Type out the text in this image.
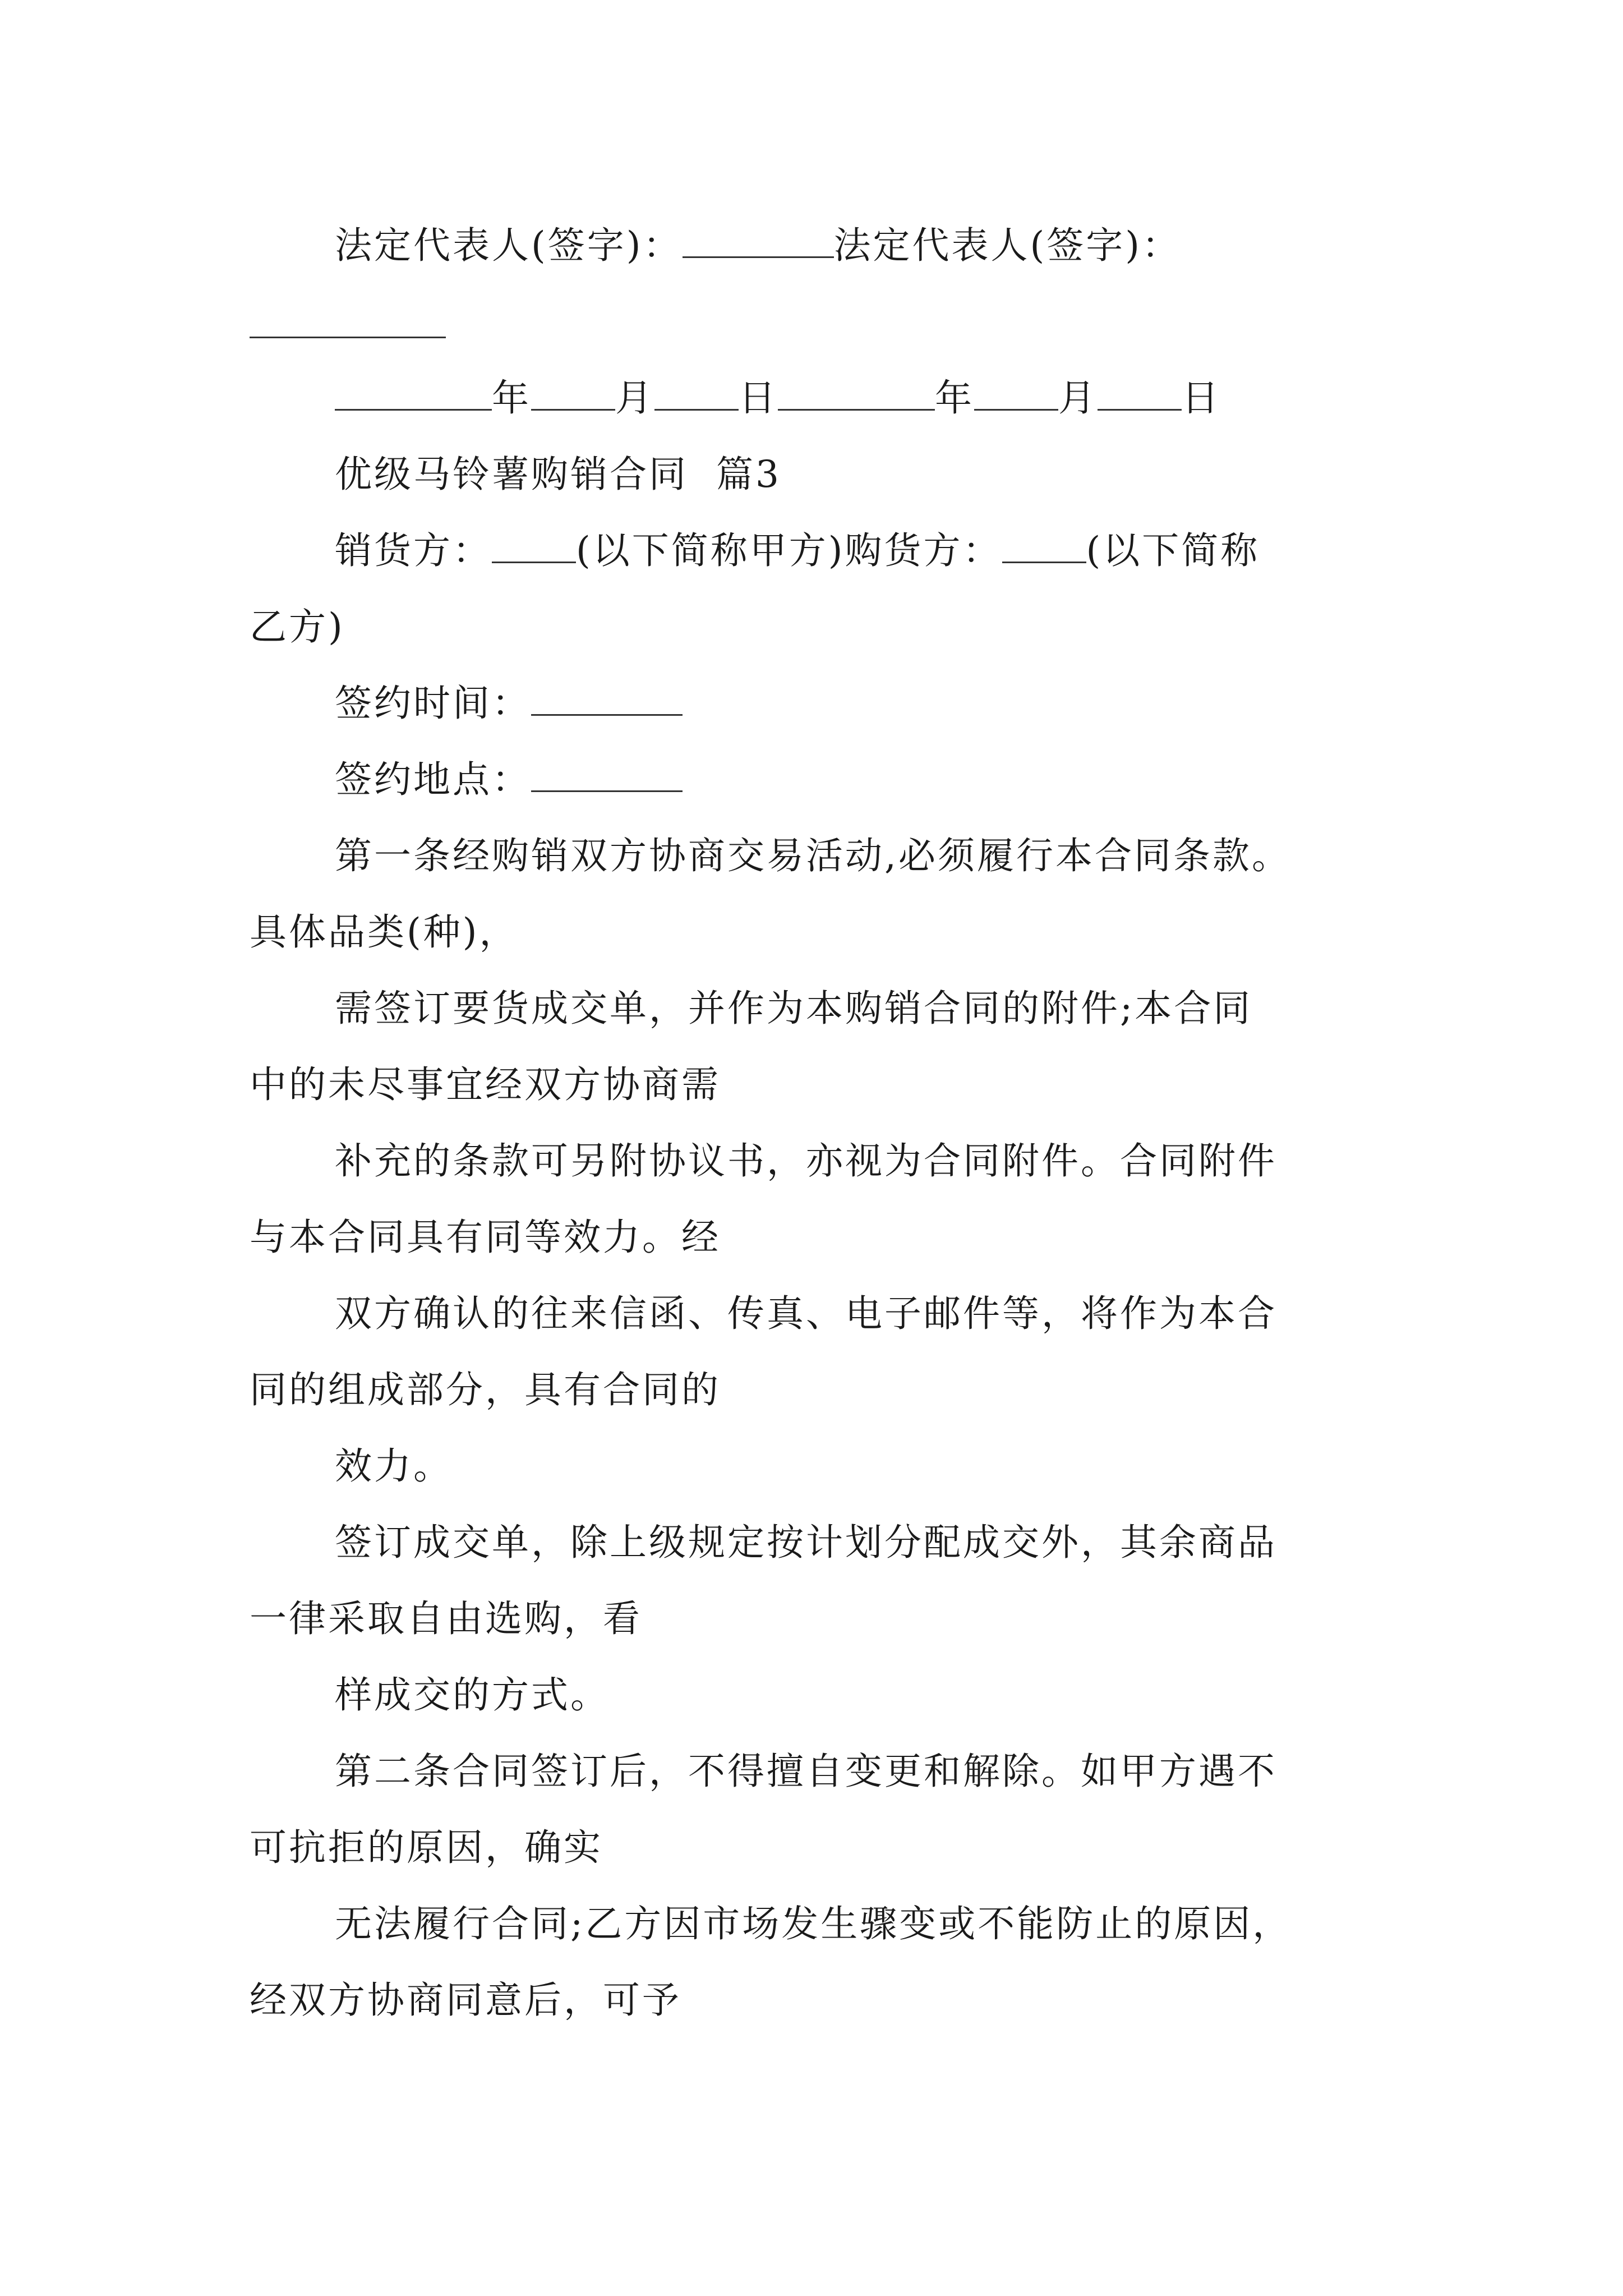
法定代表人(签字)：	法定代表人(签字)：
年 月 日	年 月 日
优级马铃薯购销合同  篇3
销货方： (以下简称甲方)购货方： (以下简称
乙方)
签约时间：
签约地点：
第一条经购销双方协商交易活动,必须履行本合同条款。
具体品类(种)，
需签订要货成交单，并作为本购销合同的附件;本合同
中的未尽事宜经双方协商需
补充的条款可另附协议书，亦视为合同附件。合同附件
与本合同具有同等效力。经
双方确认的往来信函、传真、电子邮件等，将作为本合
同的组成部分，具有合同的
效力。
签订成交单，除上级规定按计划分配成交外，其余商品
一律采取自由选购，看
样成交的方式。
第二条合同签订后，不得擅自变更和解除。如甲方遇不
可抗拒的原因，确实
无法履行合同;乙方因市场发生骤变或不能防止的原因，
经双方协商同意后，可予
